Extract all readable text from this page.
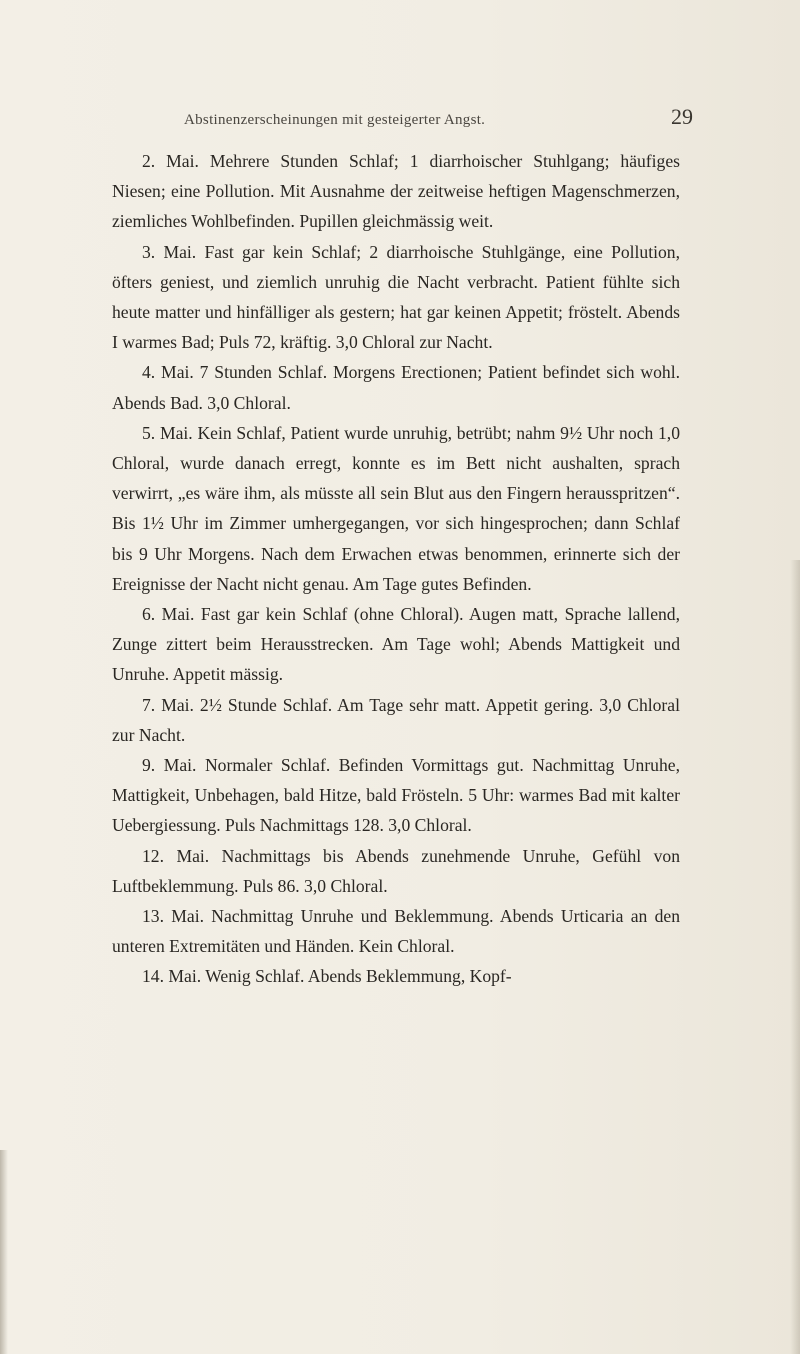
Abstinenzerscheinungen mit gesteigerter Angst.	29

2. Mai. Mehrere Stunden Schlaf; 1 diarrhoischer Stuhlgang; häufiges Niesen; eine Pollution. Mit Ausnahme der zeitweise heftigen Magenschmerzen, ziemliches Wohlbefinden. Pupillen gleichmässig weit.

3. Mai. Fast gar kein Schlaf; 2 diarrhoische Stuhlgänge, eine Pollution, öfters geniest, und ziemlich unruhig die Nacht verbracht. Patient fühlte sich heute matter und hinfälliger als gestern; hat gar keinen Appetit; fröstelt. Abends I warmes Bad; Puls 72, kräftig. 3,0 Chloral zur Nacht.

4. Mai. 7 Stunden Schlaf. Morgens Erectionen; Patient befindet sich wohl. Abends Bad. 3,0 Chloral.

5. Mai. Kein Schlaf, Patient wurde unruhig, betrübt; nahm 9½ Uhr noch 1,0 Chloral, wurde danach erregt, konnte es im Bett nicht aushalten, sprach verwirrt, „es wäre ihm, als müsste all sein Blut aus den Fingern herausspritzen“. Bis 1½ Uhr im Zimmer umhergegangen, vor sich hingesprochen; dann Schlaf bis 9 Uhr Morgens. Nach dem Erwachen etwas benommen, erinnerte sich der Ereignisse der Nacht nicht genau. Am Tage gutes Befinden.

6. Mai. Fast gar kein Schlaf (ohne Chloral). Augen matt, Sprache lallend, Zunge zittert beim Herausstrecken. Am Tage wohl; Abends Mattigkeit und Unruhe. Appetit mässig.

7. Mai. 2½ Stunde Schlaf. Am Tage sehr matt. Appetit gering. 3,0 Chloral zur Nacht.

9. Mai. Normaler Schlaf. Befinden Vormittags gut. Nachmittag Unruhe, Mattigkeit, Unbehagen, bald Hitze, bald Frösteln. 5 Uhr: warmes Bad mit kalter Uebergiessung. Puls Nachmittags 128. 3,0 Chloral.

12. Mai. Nachmittags bis Abends zunehmende Unruhe, Gefühl von Luftbeklemmung. Puls 86. 3,0 Chloral.

13. Mai. Nachmittag Unruhe und Beklemmung. Abends Urticaria an den unteren Extremitäten und Händen. Kein Chloral.

14. Mai. Wenig Schlaf. Abends Beklemmung, Kopf-
